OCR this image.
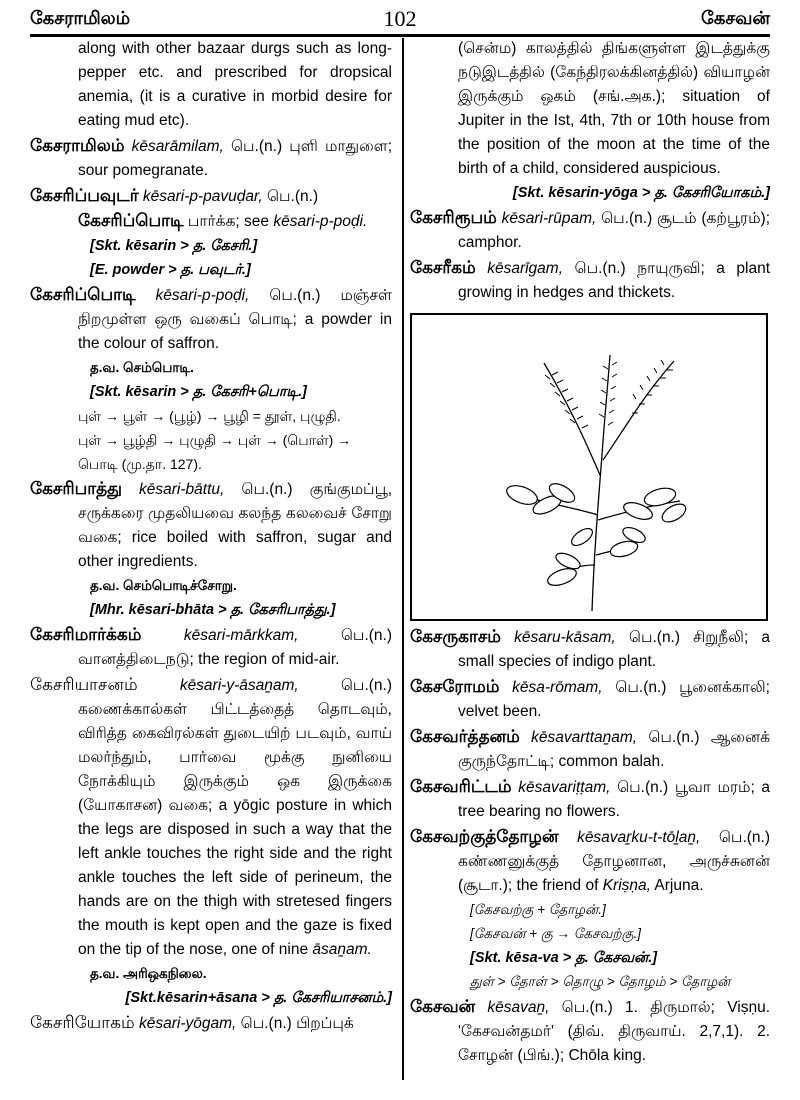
கேசராமிலம்	102	கேசவன்

along with other bazaar durgs such as long-pepper etc. and prescribed for dropsical anemia, (it is a curative in morbid desire for eating mud etc).

கேசராமிலம் kēsarāmilam, பெ.(n.) புளி மாதுளை; sour pomegranate.

கேசரிப்பவுடர் kēsari-p-pavuḍar, பெ.(n.)

கேசரிப்பொடி பார்க்க; see kēsari-p-poḍi.

[Skt. kēsarin > த. கேசரி.]

[E. powder > த. பவுடர்.]

கேசரிப்பொடி kēsari-p-poḍi, பெ.(n.) மஞ்சள் நிறமுள்ள ஒரு வகைப் பொடி; a powder in the colour of saffron.

த.வ. செம்பொடி.

[Skt. kēsarin > த. கேசரி+பொடி.]

புள் → பூள் → (பூழ்) → பூழி = தூள், புழுதி.

புள் → பூழ்தி → புழுதி → புள் → (பொள்) → பொடி (மு.தா. 127).

கேசரிபாத்து kēsari-bāttu, பெ.(n.) குங்குமப்பூ, சருக்கரை முதலியவை கலந்த கலவைச் சோறு வகை; rice boiled with saffron, sugar and other ingredients.

த.வ. செம்பொடிச்சோறு.

[Mhr. kēsari-bhāta > த. கேசரிபாத்து.]

கேசரிமார்க்கம்	kēsari-mārkkam,	பெ.(n.) வானத்திடைநடு; the region of mid-air.

கேசரியாசனம்	kēsari-y-āsaṉam,	பெ.(n.) கணைக்கால்கள் பிட்டத்தைத் தொடவும், விரித்த கைவிரல்கள் துடையிற் படவும், வாய் மலர்ந்தும், பார்வை மூக்கு நுனியை நோக்கியும் இருக்கும் ஒக இருக்கை (யோகாசன) வகை; a yōgic posture in which the legs are disposed in such a way that the left ankle touches the right side and the right ankle touches the left side of perineum, the hands are on the thigh with stretesed fingers the mouth is kept open and the gaze is fixed on the tip of the nose, one of nine āsaṉam.

த.வ. அரிஒகநிலை.

[Skt.kēsarin+āsana > த. கேசரியாசனம்.]

கேசரியோகம் kēsari-yōgam, பெ.(n.) பிறப்புக்

(சென்ம) காலத்தில் திங்களுள்ள இடத்துக்கு நடுஇடத்தில் (கேந்திரலக்கினத்தில்) வியாழன் இருக்கும் ஒகம் (சங்.அக.); situation of Jupiter in the Ist, 4th, 7th or 10th house from the position of the moon at the time of the birth of a child, considered auspicious.

[Skt. kēsarin-yōga > த. கேசரியோகம்.]

கேசரிரூபம் kēsari-rūpam, பெ.(n.) சூடம் (கற்பூரம்); camphor.

கேசரீகம் kēsarīgam, பெ.(n.) நாயுருவி; a plant growing in hedges and thickets.

கேசருகாசம் kēsaru-kāsam, பெ.(n.) சிறுநீலி; a small species of indigo plant.

கேசரோமம் kēsa-rōmam, பெ.(n.) பூனைக்காலி; velvet been.

கேசவர்த்தனம் kēsavarttaṉam, பெ.(n.) ஆனைக் குருந்தோட்டி; common balah.

கேசவரிட்டம் kēsavariṭṭam, பெ.(n.) பூவா மரம்; a tree bearing no flowers.

கேசவற்குத்தோழன் kēsavaṟku-t-tōḻaṉ, பெ.(n.) கண்ணனுக்குத் தோழனான, அருச்சுனன் (சூடா.); the friend of Kriṣṇa, Arjuna.

[கேசவற்கு + தோழன்.]

[கேசவன் + கு → கேசவற்கு.]

[Skt. kēsa-va > த. கேசவன்.]

துள் > தோள் > தொழு > தோழம் > தோழன்

கேசவன் kēsavaṉ, பெ.(n.) 1. திருமால்; Viṣṇu. 'கேசவன்தமர்' (திவ். திருவாய். 2,7,1). 2. சோழன் (பிங்.); Chōla king.
